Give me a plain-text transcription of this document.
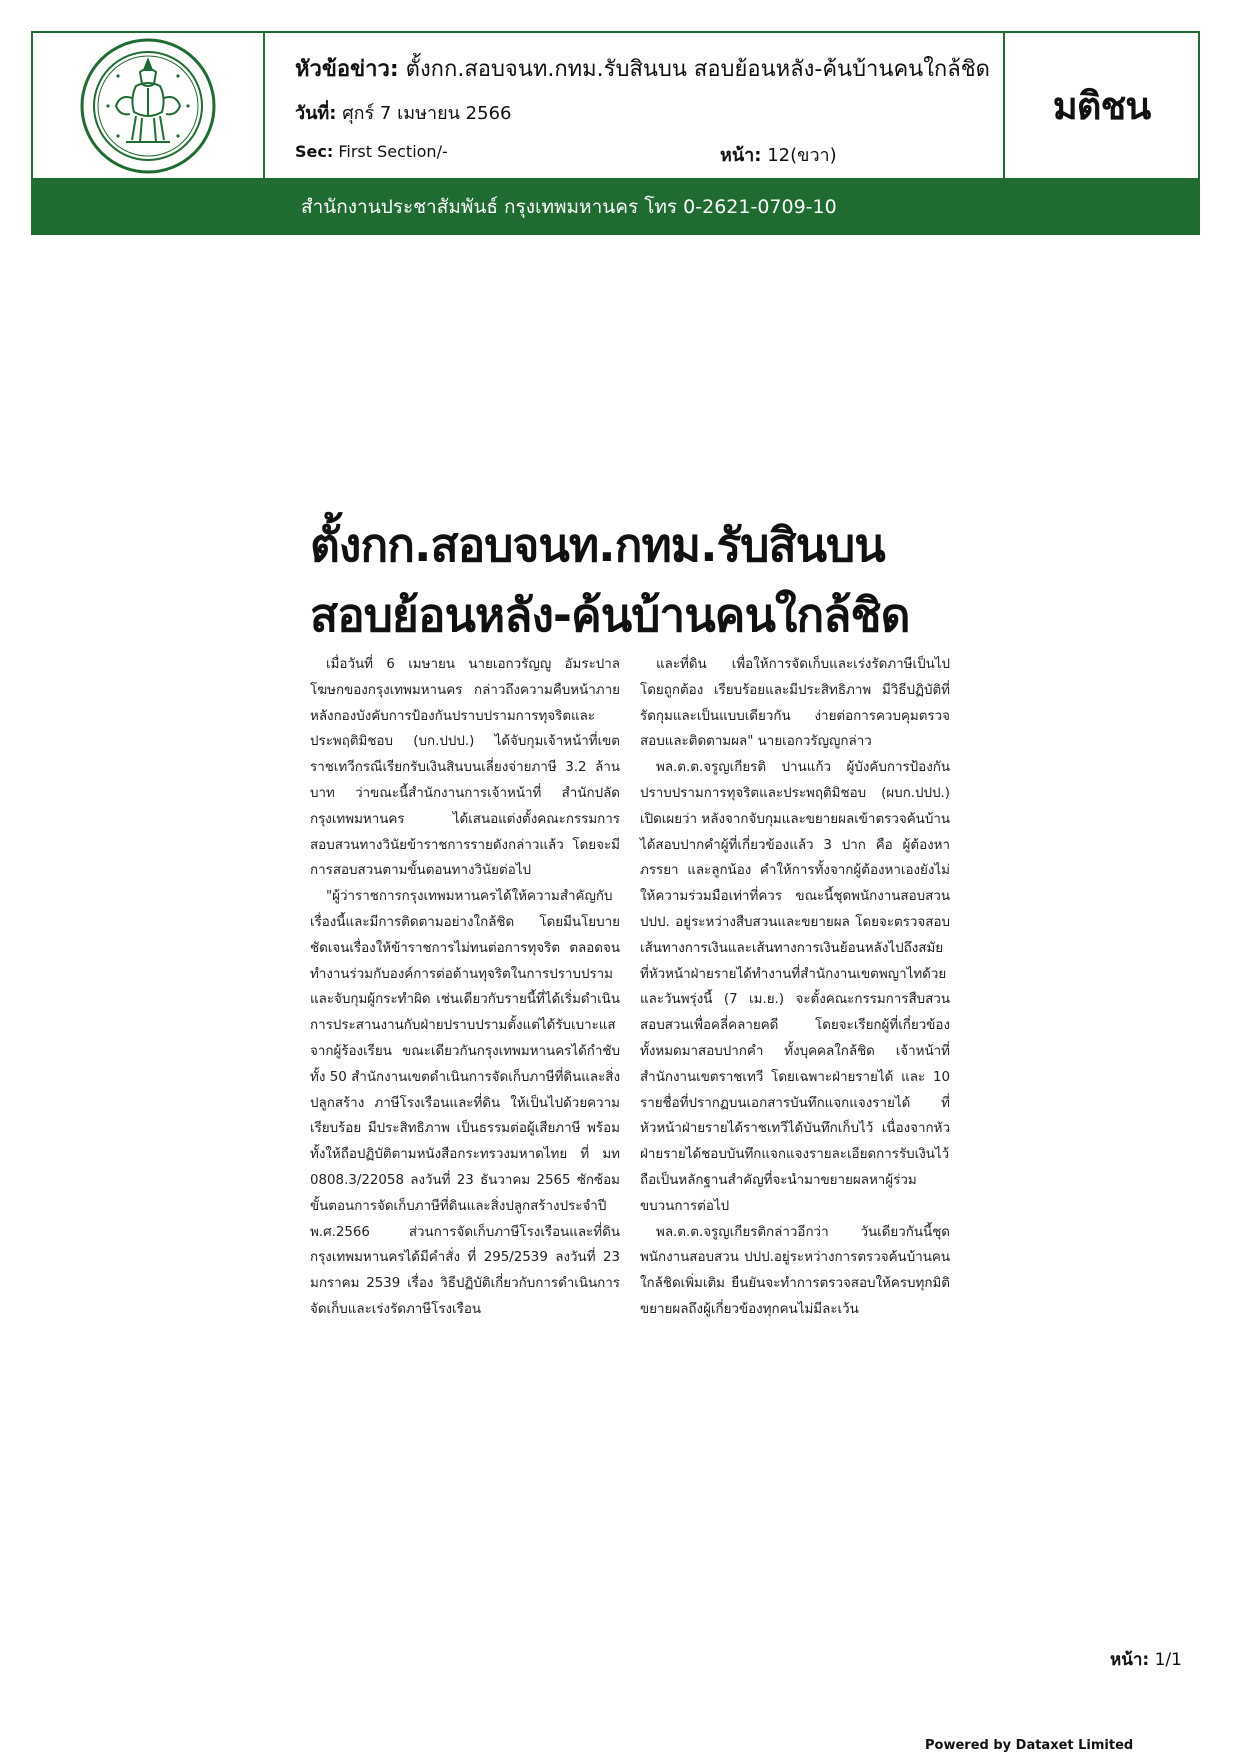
หัวข้อข่าว: ตั้งกก.สอบจนท.กทม.รับสินบน สอบย้อนหลัง-ค้นบ้านคนใกล้ชิด
วันที่: ศุกร์ 7 เมษายน 2566
Sec: First Section/-	หน้า: 12(ขวา)
มติชน
สำนักงานประชาสัมพันธ์ กรุงเทพมหานคร โทร 0-2621-0709-10
ตั้งกก.สอบจนท.กทม.รับสินบน
สอบย้อนหลัง-ค้นบ้านคนใกล้ชิด

เมื่อวันที่ 6 เมษายน นายเอกวรัญญู อัมระปาล โฆษกของกรุงเทพมหานคร กล่าวถึงความคืบหน้าภายหลังกองบังคับการป้องกันปราบปรามการทุจริตและประพฤติมิชอบ (บก.ปปป.) ได้จับกุมเจ้าหน้าที่เขตราชเทวีกรณีเรียกรับเงินสินบนเลี่ยงจ่ายภาษี 3.2 ล้านบาท ว่าขณะนี้สำนักงานการเจ้าหน้าที่ สำนักปลัดกรุงเทพมหานคร ได้เสนอแต่งตั้งคณะกรรมการสอบสวนทางวินัยข้าราชการรายดังกล่าวแล้ว โดยจะมีการสอบสวนตามขั้นตอนทางวินัยต่อไป

"ผู้ว่าราชการกรุงเทพมหานครได้ให้ความสำคัญกับเรื่องนี้และมีการติดตามอย่างใกล้ชิด โดยมีนโยบายชัดเจนเรื่องให้ข้าราชการไม่ทนต่อการทุจริต ตลอดจนทำงานร่วมกับองค์การต่อต้านทุจริตในการปราบปรามและจับกุมผู้กระทำผิด เช่นเดียวกับรายนี้ที่ได้เริ่มดำเนินการประสานงานกับฝ่ายปราบปรามตั้งแต่ได้รับเบาะแสจากผู้ร้องเรียน ขณะเดียวกันกรุงเทพมหานครได้กำชับทั้ง 50 สำนักงานเขตดำเนินการจัดเก็บภาษีที่ดินและสิ่งปลูกสร้าง ภาษีโรงเรือนและที่ดิน ให้เป็นไปด้วยความเรียบร้อย มีประสิทธิภาพ เป็นธรรมต่อผู้เสียภาษี พร้อมทั้งให้ถือปฏิบัติตามหนังสือกระทรวงมหาดไทย ที่ มท 0808.3/22058 ลงวันที่ 23 ธันวาคม 2565 ซักซ้อมขั้นตอนการจัดเก็บภาษีที่ดินและสิ่งปลูกสร้างประจำปี พ.ศ.2566 ส่วนการจัดเก็บภาษีโรงเรือนและที่ดิน กรุงเทพมหานครได้มีคำสั่ง ที่ 295/2539 ลงวันที่ 23 มกราคม 2539 เรื่อง วิธีปฏิบัติเกี่ยวกับการดำเนินการจัดเก็บและเร่งรัดภาษีโรงเรือน

และที่ดิน เพื่อให้การจัดเก็บและเร่งรัดภาษีเป็นไปโดยถูกต้อง เรียบร้อยและมีประสิทธิภาพ มีวิธีปฏิบัติที่รัดกุมและเป็นแบบเดียวกัน ง่ายต่อการควบคุมตรวจสอบและติดตามผล" นายเอกวรัญญูกล่าว

พล.ต.ต.จรูญเกียรติ ปานแก้ว ผู้บังคับการป้องกันปราบปรามการทุจริตและประพฤติมิชอบ (ผบก.ปปป.) เปิดเผยว่า หลังจากจับกุมและขยายผลเข้าตรวจค้นบ้าน ได้สอบปากคำผู้ที่เกี่ยวข้องแล้ว 3 ปาก คือ ผู้ต้องหา ภรรยา และลูกน้อง คำให้การทั้งจากผู้ต้องหาเองยังไม่ให้ความร่วมมือเท่าที่ควร ขณะนี้ชุดพนักงานสอบสวน ปปป. อยู่ระหว่างสืบสวนและขยายผล โดยจะตรวจสอบเส้นทางการเงินและเส้นทางการเงินย้อนหลังไปถึงสมัยที่หัวหน้าฝ่ายรายได้ทำงานที่สำนักงานเขตพญาไทด้วย และวันพรุ่งนี้ (7 เม.ย.) จะตั้งคณะกรรมการสืบสวนสอบสวนเพื่อคลี่คลายคดี โดยจะเรียกผู้ที่เกี่ยวข้องทั้งหมดมาสอบปากคำ ทั้งบุคคลใกล้ชิด เจ้าหน้าที่สำนักงานเขตราชเทวี โดยเฉพาะฝ่ายรายได้ และ 10 รายชื่อที่ปรากฏบนเอกสารบันทึกแจกแจงรายได้ ที่หัวหน้าฝ่ายรายได้ราชเทวีได้บันทึกเก็บไว้ เนื่องจากหัวฝ่ายรายได้ชอบบันทึกแจกแจงรายละเอียดการรับเงินไว้ ถือเป็นหลักฐานสำคัญที่จะนำมาขยายผลหาผู้ร่วมขบวนการต่อไป

พล.ต.ต.จรูญเกียรติกล่าวอีกว่า วันเดียวกันนี้ชุดพนักงานสอบสวน ปปป.อยู่ระหว่างการตรวจค้นบ้านคนใกล้ชิดเพิ่มเติม ยืนยันจะทำการตรวจสอบให้ครบทุกมิติ ขยายผลถึงผู้เกี่ยวข้องทุกคนไม่มีละเว้น

หน้า: 1/1
Powered by Dataxet Limited
